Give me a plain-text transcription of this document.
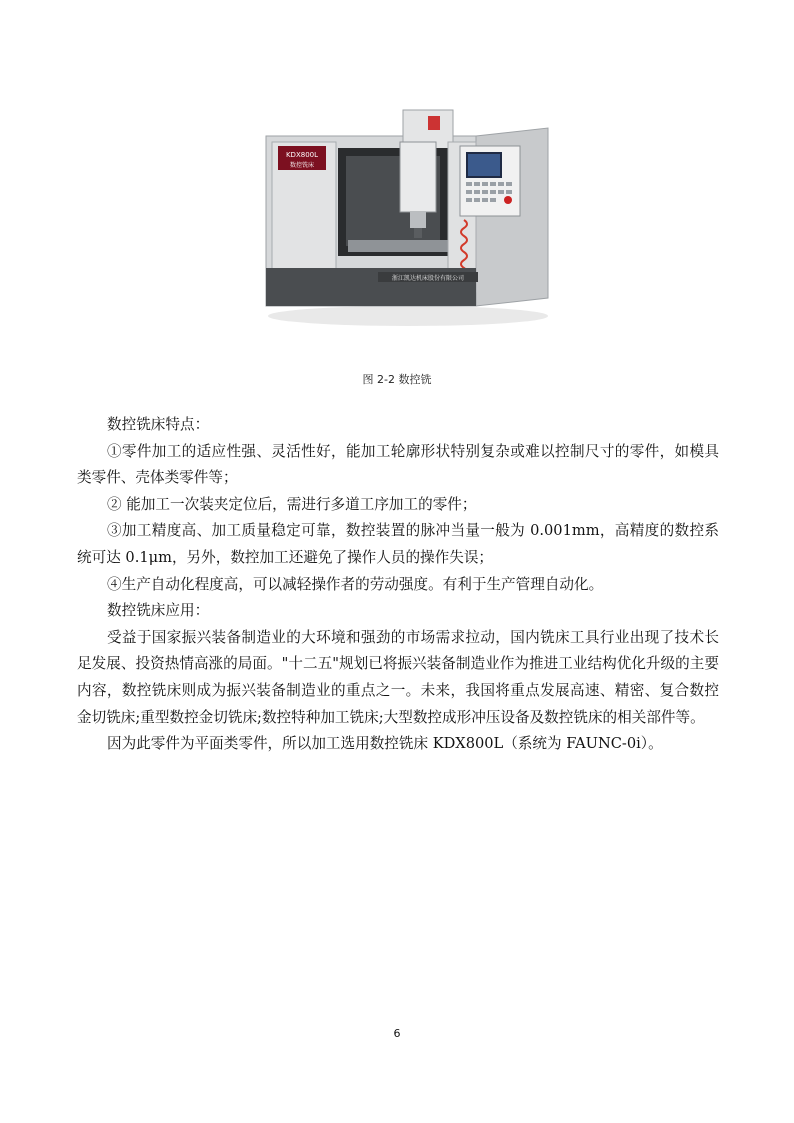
KDX800L
数控铣床
浙江凯达机床股份有限公司
图 2-2 数控铣

数控铣床特点：

①零件加工的适应性强、灵活性好，能加工轮廓形状特别复杂或难以控制尺寸的零件，如模具类零件、壳体类零件等；

② 能加工一次装夹定位后，需进行多道工序加工的零件；

③加工精度高、加工质量稳定可靠，数控装置的脉冲当量一般为 0.001mm，高精度的数控系统可达 0.1μm，另外，数控加工还避免了操作人员的操作失误；

④生产自动化程度高，可以减轻操作者的劳动强度。有利于生产管理自动化。

数控铣床应用：

受益于国家振兴装备制造业的大环境和强劲的市场需求拉动，国内铣床工具行业出现了技术长足发展、投资热情高涨的局面。"十二五"规划已将振兴装备制造业作为推进工业结构优化升级的主要内容，数控铣床则成为振兴装备制造业的重点之一。未来，我国将重点发展高速、精密、复合数控金切铣床;重型数控金切铣床;数控特种加工铣床;大型数控成形冲压设备及数控铣床的相关部件等。

因为此零件为平面类零件，所以加工选用数控铣床 KDX800L（系统为 FAUNC-0i）。

6
